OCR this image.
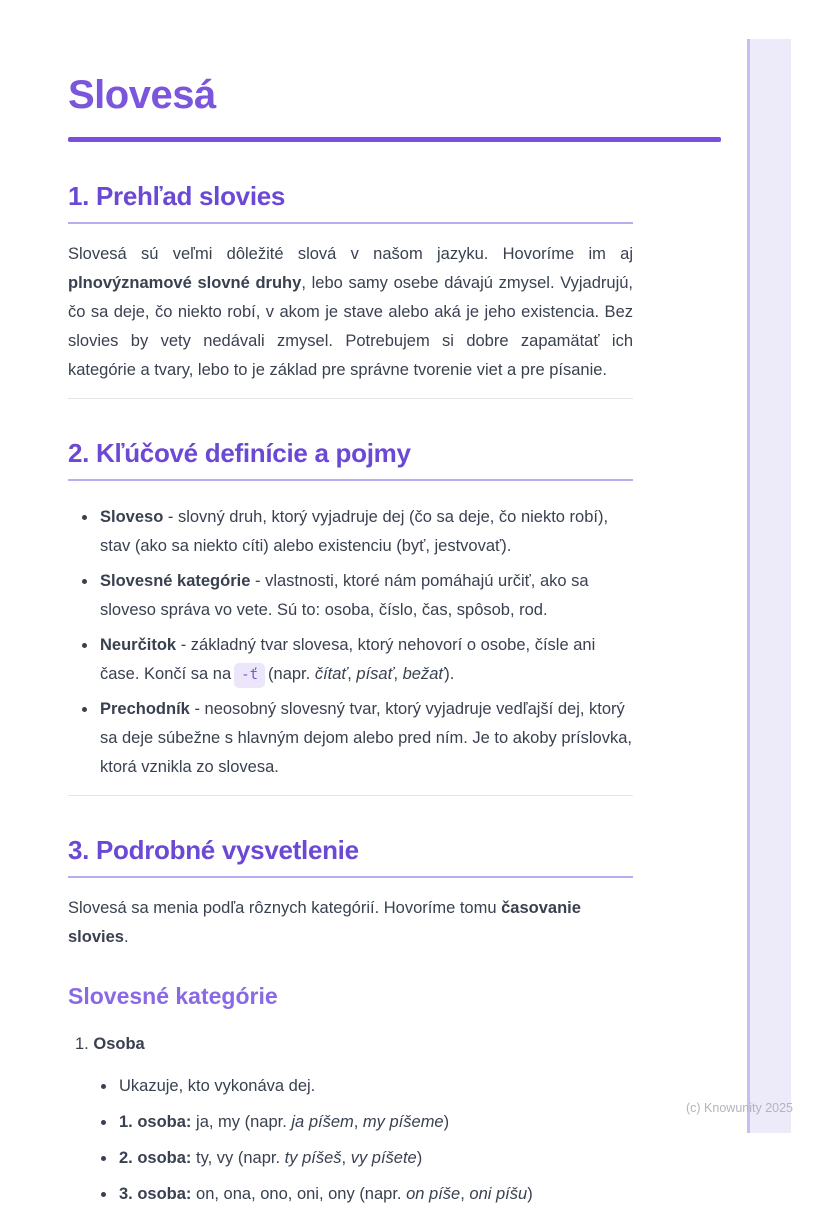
Slovesá
1. Prehľad slovies

Slovesá sú veľmi dôležité slová v našom jazyku. Hovoríme im aj plnovýznamové slovné druhy, lebo samy osebe dávajú zmysel. Vyjadrujú, čo sa deje, čo niekto robí, v akom je stave alebo aká je jeho existencia. Bez slovies by vety nedávali zmysel. Potrebujem si dobre zapamätať ich kategórie a tvary, lebo to je základ pre správne tvorenie viet a pre písanie.

2. Kľúčové definície a pojmy
• Sloveso - slovný druh, ktorý vyjadruje dej (čo sa deje, čo niekto robí), stav (ako sa niekto cíti) alebo existenciu (byť, jestvovať).
• Slovesné kategórie - vlastnosti, ktoré nám pomáhajú určiť, ako sa sloveso správa vo vete. Sú to: osoba, číslo, čas, spôsob, rod.
• Neurčitok - základný tvar slovesa, ktorý nehovorí o osobe, čísle ani čase. Končí sa na -ť (napr. čítať, písať, bežať).
• Prechodník - neosobný slovesný tvar, ktorý vyjadruje vedľajší dej, ktorý sa deje súbežne s hlavným dejom alebo pred ním. Je to akoby príslovka, ktorá vznikla zo slovesa.
3. Podrobné vysvetlenie

Slovesá sa menia podľa rôznych kategórií. Hovoríme tomu časovanie slovies.

Slovesné kategórie
1. Osoba
• Ukazuje, kto vykonáva dej.
• 1. osoba: ja, my (napr. ja píšem, my píšeme)
• 2. osoba: ty, vy (napr. ty píšeš, vy píšete)
• 3. osoba: on, ona, ono, oni, ony (napr. on píše, oni píšu)
(c) Knowunity 2025
